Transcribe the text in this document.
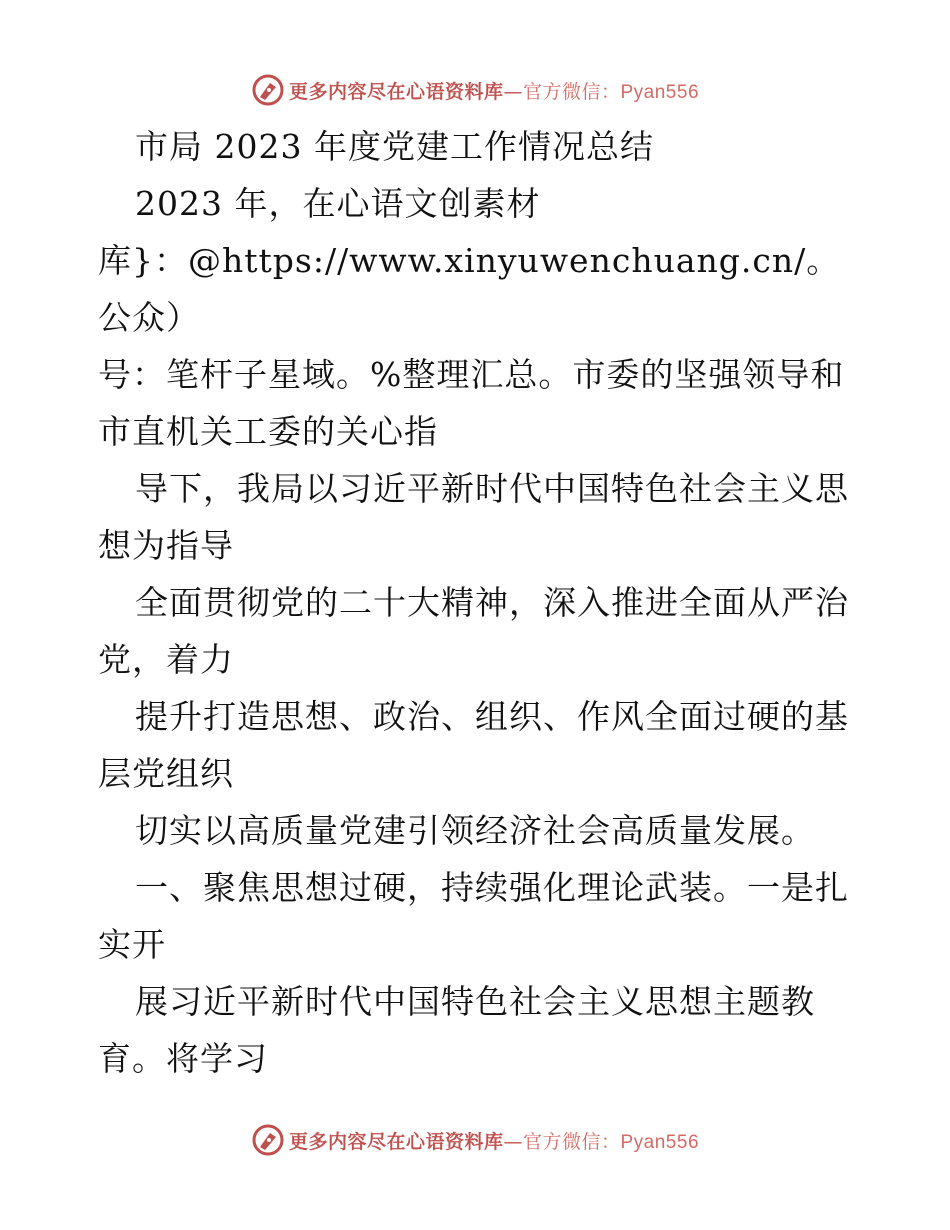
更多内容尽在心语资料库—官方微信：Pyan556

市局 2023 年度党建工作情况总结

2023 年，在心语文创素材

库}：@https://www.xinyuwenchuang.cn/。公众）

号：笔杆子星域。%整理汇总。市委的坚强领导和

市直机关工委的关心指

导下，我局以习近平新时代中国特色社会主义思

想为指导

全面贯彻党的二十大精神，深入推进全面从严治

党，着力

提升打造思想、政治、组织、作风全面过硬的基

层党组织

切实以高质量党建引领经济社会高质量发展。

一、聚焦思想过硬，持续强化理论武装。一是扎

实开

展习近平新时代中国特色社会主义思想主题教

育。将学习

更多内容尽在心语资料库—官方微信：Pyan556
